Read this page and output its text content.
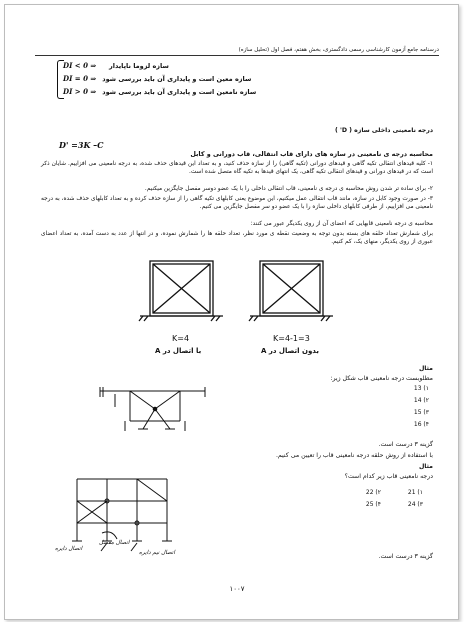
درسنامه جامع آزمون کارشناسی رسمی دادگستری، بخش هفتم، فصل اول (تحلیل سازه)
DI < 0 ⇒	سازه لزوما ناپایدار
DI = 0 ⇒ سازه معین است و پایداری آن باید بررسی شود
DI > 0 ⇒ سازه نامعین است و پایداری آن باید بررسی شود
درجه نامعینی داخلی سازه ( D' )
D' =3K –C
محاسبه درجه ی نامعینی در سازه های دارای قاب انتقالی، قاب دورانی و کابل
۱- کلیه قیدهای انتقالی تکیه گاهی و قیدهای دورانی (تکیه گاهی) را از سازه حذف کنید، و به تعداد این قیدهای حذف شده، به درجه نامعینی می افزاییم. شایان ذکر است که در قیدهای دورانی و قیدهای انتقالی تکیه گاهی، یک انتهای قیدها به تکیه گاه متصل شده است.
۲- برای ساده تر شدن روش محاسبه ی درجه ی نامعینی، قاب انتقالی داخلی را با یک عضو دوسر مفصل جایگزین میکنیم.
۳- در صورت وجود کابل در سازه، مانند قاب انتقالی عمل میکنیم، این موضوع یعنی کابلهای تکیه گاهی را از سازه حذف کرده و به تعداد کابلهای حذف شده، به درجه نامعینی می افزاییم، از طرفی کابلهای داخلی سازه را با یک عضو دو سر مفصل جایگزین می کنیم.
محاسبه ی درجه نامعینی قابهایی که اعضای آن از روی یکدیگر عبور می کنند:
برای شمارش تعداد حلقه های بسته بدون توجه به وضعیت نقطه ی مورد نظر، تعداد حلقه ها را شمارش نموده، و در انتها از عدد به دست آمده، به تعداد اعضای عبوری از روی یکدیگر، منهای یک، کم کنیم.
K=4	K=4-1=3
با اتصال در A	بدون اتصال در A
مثال
مطلوبست درجه نامعینی قاب شکل زیر:
۱) 13
۲) 14
۳) 15
۴) 16
گزینه ۳ درست است.
با استفاده از روش حلقه درجه نامعینی قاب را تعیین می کنیم.
مثال
درجه نامعینی قاب زیر کدام است؟
۱) 21
۲) 22
۳) 24
۴) 25
اتصال دایره
اتصال مفصل
اتصال نیم دایره	گزینه ۳ درست است.
۱۰۰۷
